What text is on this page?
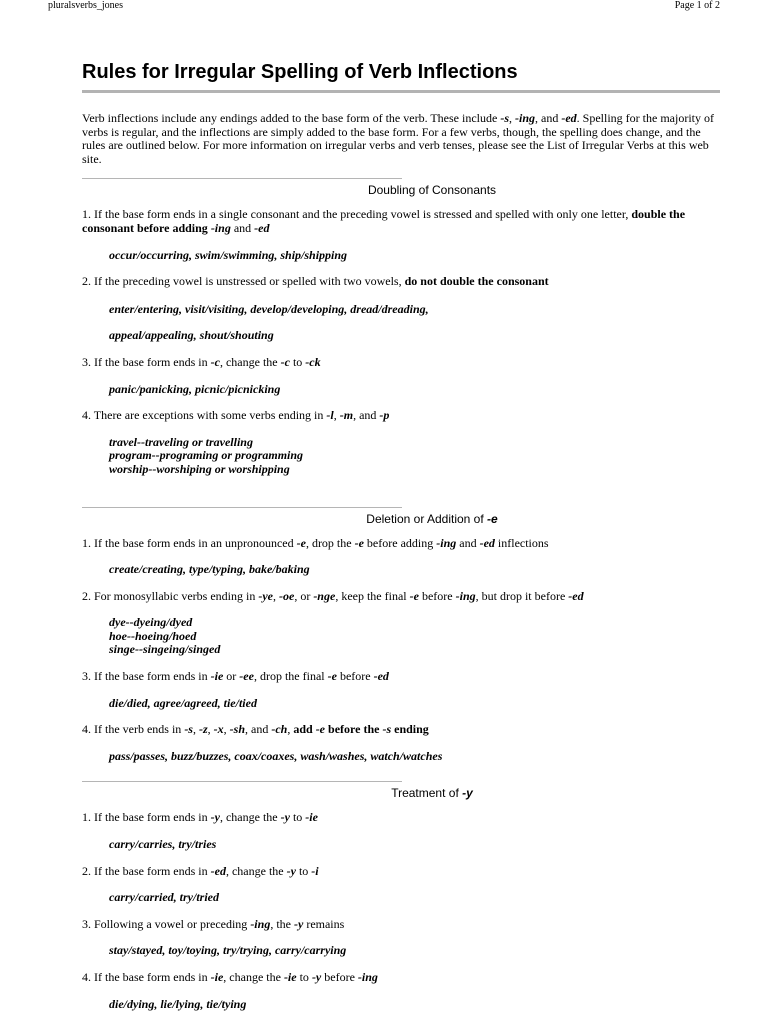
pluralsverbs_jones	Page 1 of 2
Rules for Irregular Spelling of Verb Inflections

Verb inflections include any endings added to the base form of the verb. These include -s, -ing, and -ed. Spelling for the majority of verbs is regular, and the inflections are simply added to the base form. For a few verbs, though, the spelling does change, and the rules are outlined below. For more information on irregular verbs and verb tenses, please see the List of Irregular Verbs at this web site.

Doubling of Consonants

1. If the base form ends in a single consonant and the preceding vowel is stressed and spelled with only one letter, double the consonant before adding -ing and -ed

occur/occurring, swim/swimming, ship/shipping

2. If the preceding vowel is unstressed or spelled with two vowels, do not double the consonant

enter/entering, visit/visiting, develop/developing, dread/dreading,

appeal/appealing, shout/shouting

3. If the base form ends in -c, change the -c to -ck

panic/panicking, picnic/picnicking

4. There are exceptions with some verbs ending in -l, -m, and -p

travel--traveling or travelling

program--programing or programming

worship--worshiping or worshipping

Deletion or Addition of -e

1. If the base form ends in an unpronounced -e, drop the -e before adding -ing and -ed inflections

create/creating, type/typing, bake/baking

2. For monosyllabic verbs ending in -ye, -oe, or -nge, keep the final -e before -ing, but drop it before -ed

dye--dyeing/dyed

hoe--hoeing/hoed

singe--singeing/singed

3. If the base form ends in -ie or -ee, drop the final -e before -ed

die/died, agree/agreed, tie/tied

4. If the verb ends in -s, -z, -x, -sh, and -ch, add -e before the -s ending

pass/passes, buzz/buzzes, coax/coaxes, wash/washes, watch/watches

Treatment of -y

1. If the base form ends in -y, change the -y to -ie

carry/carries, try/tries

2. If the base form ends in -ed, change the -y to -i

carry/carried, try/tried

3. Following a vowel or preceding -ing, the -y remains

stay/stayed, toy/toying, try/trying, carry/carrying

4. If the base form ends in -ie, change the -ie to -y before -ing

die/dying, lie/lying, tie/tying
